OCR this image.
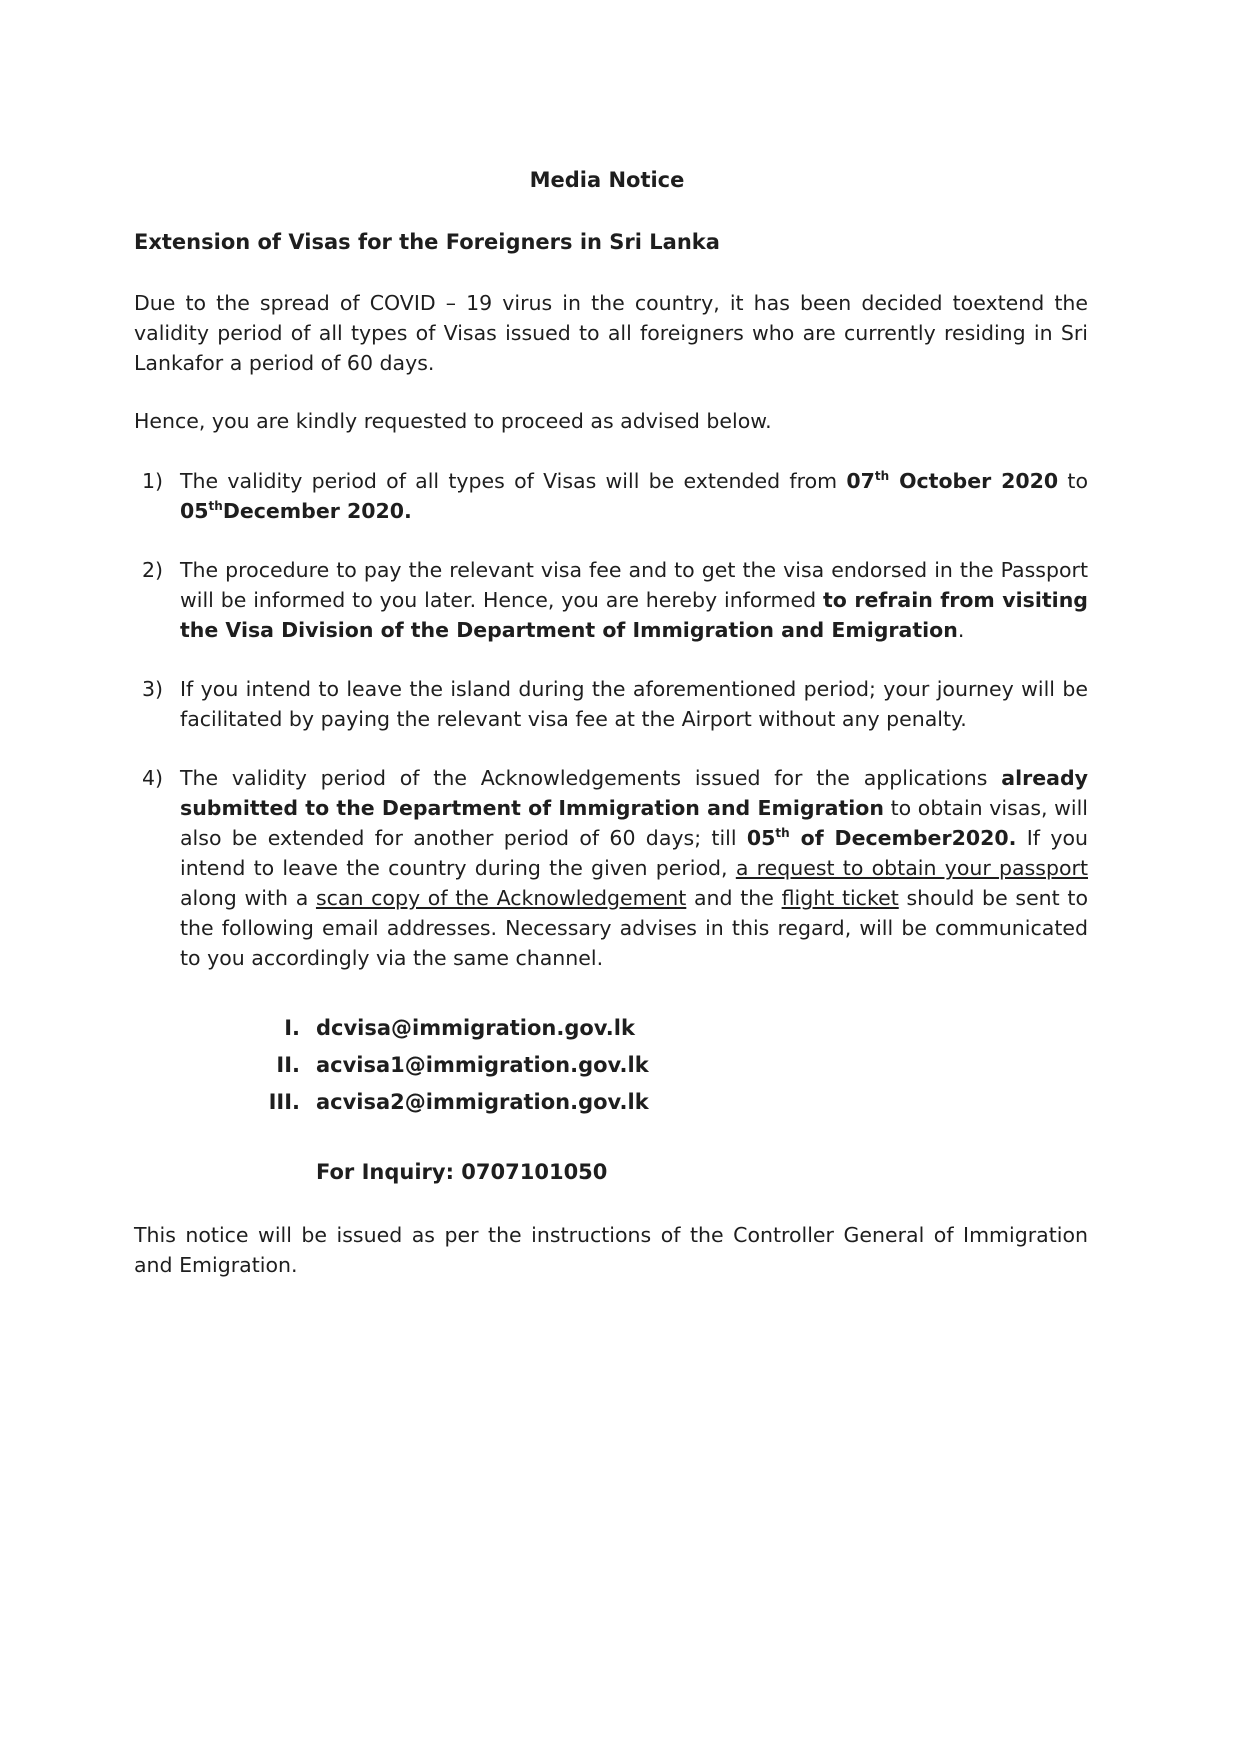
Media Notice
Extension of Visas for the Foreigners in Sri Lanka

Due to the spread of COVID – 19 virus in the country, it has been decided toextend the validity period of all types of Visas issued to all foreigners who are currently residing in Sri Lankafor a period of 60 days.

Hence, you are kindly requested to proceed as advised below.

1) The validity period of all types of Visas will be extended from 07th October 2020 to 05thDecember 2020.
2) The procedure to pay the relevant visa fee and to get the visa endorsed in the Passport will be informed to you later. Hence, you are hereby informed to refrain from visiting the Visa Division of the Department of Immigration and Emigration.
3) If you intend to leave the island during the aforementioned period; your journey will be facilitated by paying the relevant visa fee at the Airport without any penalty.
4) The validity period of the Acknowledgements issued for the applications already submitted to the Department of Immigration and Emigration to obtain visas, will also be extended for another period of 60 days; till 05th of December2020. If you intend to leave the country during the given period, a request to obtain your passport along with a scan copy of the Acknowledgement and the flight ticket should be sent to the following email addresses. Necessary advises in this regard, will be communicated to you accordingly via the same channel.
I. dcvisa@immigration.gov.lk
II. acvisa1@immigration.gov.lk
III. acvisa2@immigration.gov.lk
For Inquiry: 0707101050

This notice will be issued as per the instructions of the Controller General of Immigration and Emigration.
